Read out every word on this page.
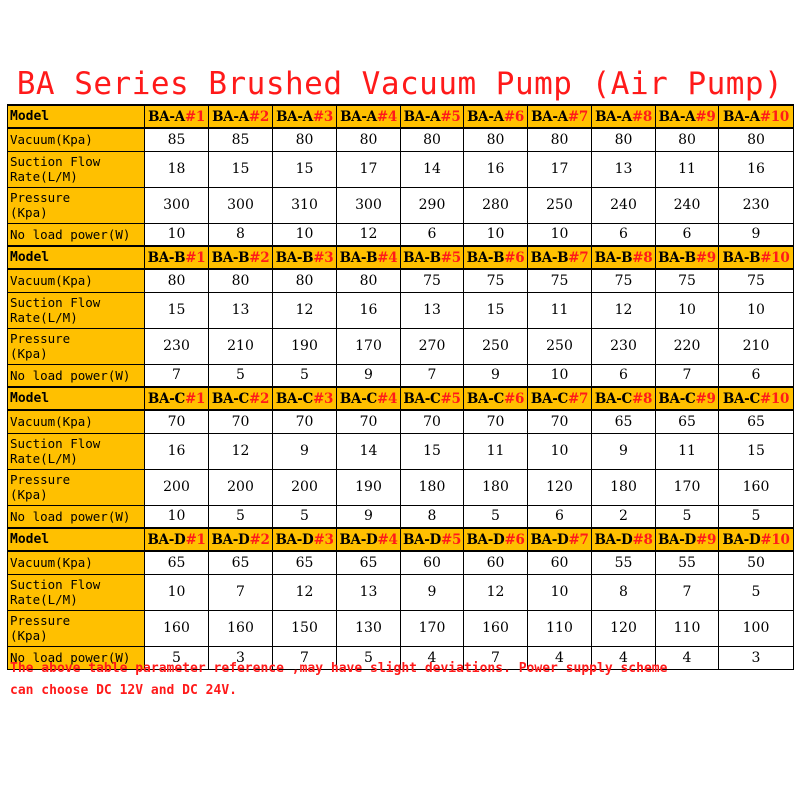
BA Series Brushed Vacuum Pump (Air Pump)
Model	BA-A#1	BA-A#2	BA-A#3	BA-A#4	BA-A#5	BA-A#6	BA-A#7	BA-A#8	BA-A#9	BA-A#10
Vacuum(Kpa)	85	85	80	80	80	80	80	80	80	80
Suction Flow
Rate(L/M)	18	15	15	17	14	16	17	13	11	16
Pressure
(Kpa)	300	300	310	300	290	280	250	240	240	230
No load power(W)	10	8	10	12	6	10	10	6	6	9
Model	BA-B#1	BA-B#2	BA-B#3	BA-B#4	BA-B#5	BA-B#6	BA-B#7	BA-B#8	BA-B#9	BA-B#10
Vacuum(Kpa)	80	80	80	80	75	75	75	75	75	75
Suction Flow
Rate(L/M)	15	13	12	16	13	15	11	12	10	10
Pressure
(Kpa)	230	210	190	170	270	250	250	230	220	210
No load power(W)	7	5	5	9	7	9	10	6	7	6
Model	BA-C#1	BA-C#2	BA-C#3	BA-C#4	BA-C#5	BA-C#6	BA-C#7	BA-C#8	BA-C#9	BA-C#10
Vacuum(Kpa)	70	70	70	70	70	70	70	65	65	65
Suction Flow
Rate(L/M)	16	12	9	14	15	11	10	9	11	15
Pressure
(Kpa)	200	200	200	190	180	180	120	180	170	160
No load power(W)	10	5	5	9	8	5	6	2	5	5
Model	BA-D#1	BA-D#2	BA-D#3	BA-D#4	BA-D#5	BA-D#6	BA-D#7	BA-D#8	BA-D#9	BA-D#10
Vacuum(Kpa)	65	65	65	65	60	60	60	55	55	50
Suction Flow
Rate(L/M)	10	7	12	13	9	12	10	8	7	5
Pressure
(Kpa)	160	160	150	130	170	160	110	120	110	100
No load power(W)	5	3	7	5	4	7	4	4	4	3
The above table parameter reference ,may have slight deviations. Power supply scheme
can choose DC 12V and DC 24V.
